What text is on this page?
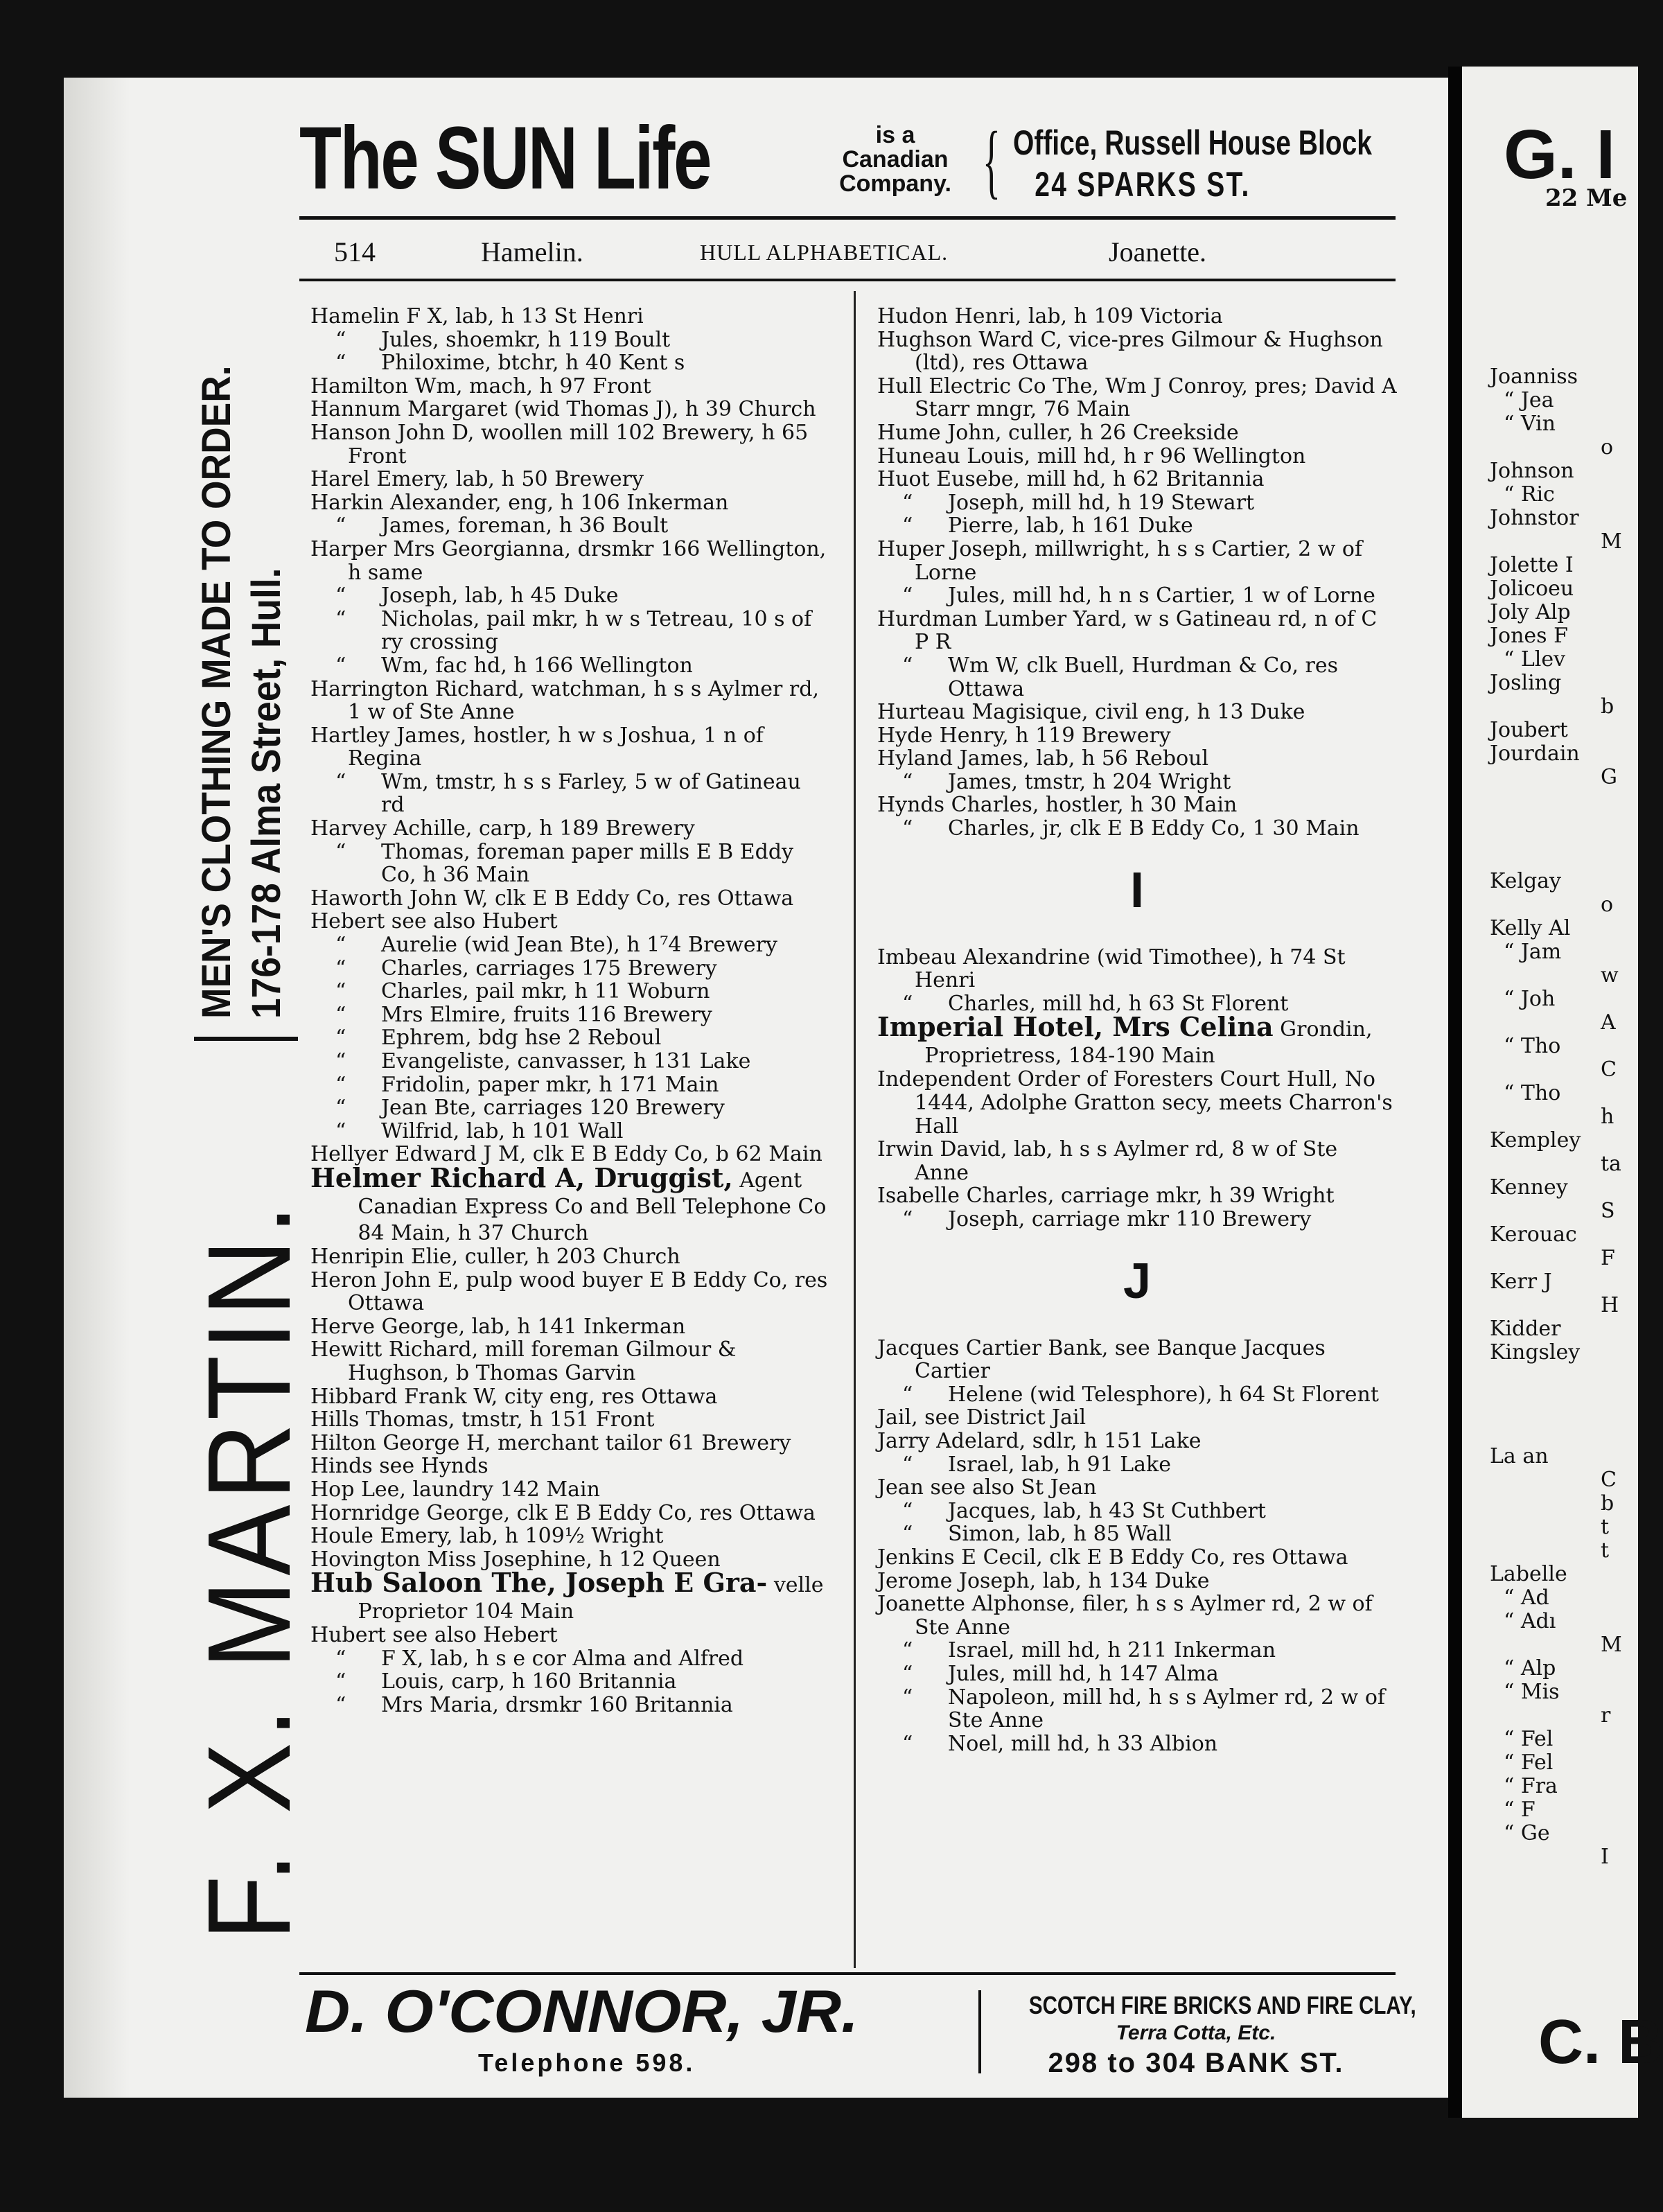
The SUN Life	is a
Canadian
Company. { Office, Russell House Block
24 SPARKS ST.
514	Hamelin.	HULL ALPHABETICAL.	Joanette.
F. X. MARTIN.
MEN'S CLOTHING MADE TO ORDER. 176-178 Alma Street, Hull.
Hamelin F X, lab, h 13 St Henri
“ Jules, shoemkr, h 119 Boult
“ Philoxime, btchr, h 40 Kent s
Hamilton Wm, mach, h 97 Front
Hannum Margaret (wid Thomas J), h 39 Church
Hanson John D, woollen mill 102 Brewery, h 65 Front
Harel Emery, lab, h 50 Brewery
Harkin Alexander, eng, h 106 Inkerman
“ James, foreman, h 36 Boult
Harper Mrs Georgianna, drsmkr 166 Wellington, h same
“ Joseph, lab, h 45 Duke
“ Nicholas, pail mkr, h w s Tetreau, 10 s of ry crossing
“ Wm, fac hd, h 166 Wellington
Harrington Richard, watchman, h s s Aylmer rd, 1 w of Ste Anne
Hartley James, hostler, h w s Joshua, 1 n of Regina
“ Wm, tmstr, h s s Farley, 5 w of Gatineau rd
Harvey Achille, carp, h 189 Brewery
“ Thomas, foreman paper mills E B Eddy Co, h 36 Main
Haworth John W, clk E B Eddy Co, res Ottawa
Hebert see also Hubert
“ Aurelie (wid Jean Bte), h 1⁷4 Brewery
“ Charles, carriages 175 Brewery
“ Charles, pail mkr, h 11 Woburn
“ Mrs Elmire, fruits 116 Brewery
“ Ephrem, bdg hse 2 Reboul
“ Evangeliste, canvasser, h 131 Lake
“ Fridolin, paper mkr, h 171 Main
“ Jean Bte, carriages 120 Brewery
“ Wilfrid, lab, h 101 Wall
Hellyer Edward J M, clk E B Eddy Co, b 62 Main
Helmer Richard A, Druggist, Agent Canadian Express Co and Bell Telephone Co 84 Main, h 37 Church
Henripin Elie, culler, h 203 Church
Heron John E, pulp wood buyer E B Eddy Co, res Ottawa
Herve George, lab, h 141 Inkerman
Hewitt Richard, mill foreman Gilmour & Hughson, b Thomas Garvin
Hibbard Frank W, city eng, res Ottawa
Hills Thomas, tmstr, h 151 Front
Hilton George H, merchant tailor 61 Brewery
Hinds see Hynds
Hop Lee, laundry 142 Main
Hornridge George, clk E B Eddy Co, res Ottawa
Houle Emery, lab, h 109½ Wright
Hovington Miss Josephine, h 12 Queen
Hub Saloon The, Joseph E Gra- velle Proprietor 104 Main
Hubert see also Hebert
“ F X, lab, h s e cor Alma and Alfred
“ Louis, carp, h 160 Britannia
“ Mrs Maria, drsmkr 160 Britannia
Hudon Henri, lab, h 109 Victoria
Hughson Ward C, vice-pres Gilmour & Hughson (ltd), res Ottawa
Hull Electric Co The, Wm J Conroy, pres; David A Starr mngr, 76 Main
Hume John, culler, h 26 Creekside
Huneau Louis, mill hd, h r 96 Wellington
Huot Eusebe, mill hd, h 62 Britannia
“ Joseph, mill hd, h 19 Stewart
“ Pierre, lab, h 161 Duke
Huper Joseph, millwright, h s s Cartier, 2 w of Lorne
“ Jules, mill hd, h n s Cartier, 1 w of Lorne
Hurdman Lumber Yard, w s Gatineau rd, n of C P R
“ Wm W, clk Buell, Hurdman & Co, res Ottawa
Hurteau Magisique, civil eng, h 13 Duke
Hyde Henry, h 119 Brewery
Hyland James, lab, h 56 Reboul
“ James, tmstr, h 204 Wright
Hynds Charles, hostler, h 30 Main
“ Charles, jr, clk E B Eddy Co, 1 30 Main
I
Imbeau Alexandrine (wid Timothee), h 74 St Henri
“ Charles, mill hd, h 63 St Florent
Imperial Hotel, Mrs Celina Grondin, Proprietress, 184-190 Main
Independent Order of Foresters Court Hull, No 1444, Adolphe Gratton secy, meets Charron's Hall
Irwin David, lab, h s s Aylmer rd, 8 w of Ste Anne
Isabelle Charles, carriage mkr, h 39 Wright
“ Joseph, carriage mkr 110 Brewery
J
Jacques Cartier Bank, see Banque Jacques Cartier
“ Helene (wid Telesphore), h 64 St Florent
Jail, see District Jail
Jarry Adelard, sdlr, h 151 Lake
“ Israel, lab, h 91 Lake
Jean see also St Jean
“ Jacques, lab, h 43 St Cuthbert
“ Simon, lab, h 85 Wall
Jenkins E Cecil, clk E B Eddy Co, res Ottawa
Jerome Joseph, lab, h 134 Duke
Joanette Alphonse, filer, h s s Aylmer rd, 2 w of Ste Anne
“ Israel, mill hd, h 211 Inkerman
“ Jules, mill hd, h 147 Alma
“ Napoleon, mill hd, h s s Aylmer rd, 2 w of Ste Anne
“ Noel, mill hd, h 33 Albion
D. O'CONNOR, JR.
Telephone 598.
SCOTCH FIRE BRICKS AND FIRE CLAY,
Terra Cotta, Etc.
298 to 304 BANK ST.
G. I
22 Me
Joanniss
“ Jea
“ Vin
o
Johnson
“ Ric
Johnstor
M
Jolette I
Jolicoeu
Joly Alp
Jones F
“ Llev
Josling
b
Joubert
Jourdain
G
Kelgay
o
Kelly Al
“ Jam
w
“ Joh
A
“ Tho
C
“ Tho
h
Kempley
ta
Kenney
S
Kerouac
F
Kerr J
H
Kidder
Kingsley
La an
C
b
t
t
Labelle
“ Ad
“ Adı
M
“ Alp
“ Mis
r
“ Fel
“ Fel
“ Fra
“ F
“ Ge
I
C. B
